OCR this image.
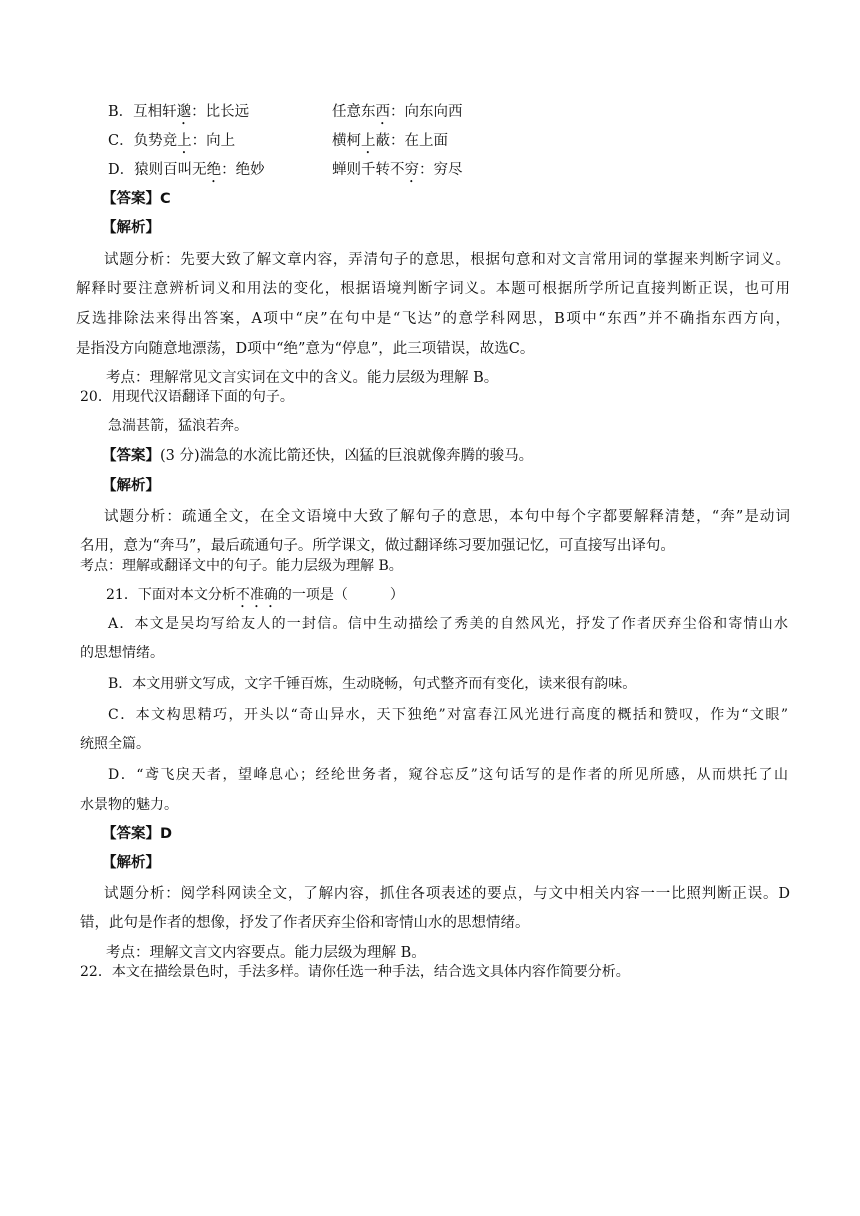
B．互相轩邈：比长远	任意东西：向东向西
C．负势竞上：向上	横柯上蔽：在上面
D．猿则百叫无绝：绝妙	蝉则千转不穷：穷尽
【答案】C
【解析】
试题分析：先要大致了解文章内容，弄清句子的意思，根据句意和对文言常用词的掌握来判断字词义。
解释时要注意辨析词义和用法的变化，根据语境判断字词义。本题可根据所学所记直接判断正误，也可用
反选排除法来得出答案，A项中“戾”在句中是“飞达”的意学科网思，B项中“东西”并不确指东西方向，
是指没方向随意地漂荡，D项中“绝”意为“停息”，此三项错误，故选C。
考点：理解常见文言实词在文中的含义。能力层级为理解 B。
20．用现代汉语翻译下面的句子。
急湍甚箭，猛浪若奔。
【答案】(3 分)湍急的水流比箭还快，凶猛的巨浪就像奔腾的骏马。
【解析】
试题分析：疏通全文，在全文语境中大致了解句子的意思，本句中每个字都要解释清楚，“奔”是动词
名用，意为“奔马”，最后疏通句子。所学课文，做过翻译练习要加强记忆，可直接写出译句。
考点：理解或翻译文中的句子。能力层级为理解 B。
21．下面对本文分析不准确的一项是（　　　）
A．本文是吴均写给友人的一封信。信中生动描绘了秀美的自然风光，抒发了作者厌弃尘俗和寄情山水
的思想情绪。
B．本文用骈文写成，文字千锤百炼，生动晓畅，句式整齐而有变化，读来很有韵味。
C．本文构思精巧，开头以“奇山异水，天下独绝”对富春江风光进行高度的概括和赞叹，作为“文眼”
统照全篇。
D．“鸢飞戾天者，望峰息心；经纶世务者，窥谷忘反”这句话写的是作者的所见所感，从而烘托了山
水景物的魅力。
【答案】D
【解析】
试题分析：阅学科网读全文，了解内容，抓住各项表述的要点，与文中相关内容一一比照判断正误。D
错，此句是作者的想像，抒发了作者厌弃尘俗和寄情山水的思想情绪。
考点：理解文言文内容要点。能力层级为理解 B。
22．本文在描绘景色时，手法多样。请你任选一种手法，结合选文具体内容作简要分析。
